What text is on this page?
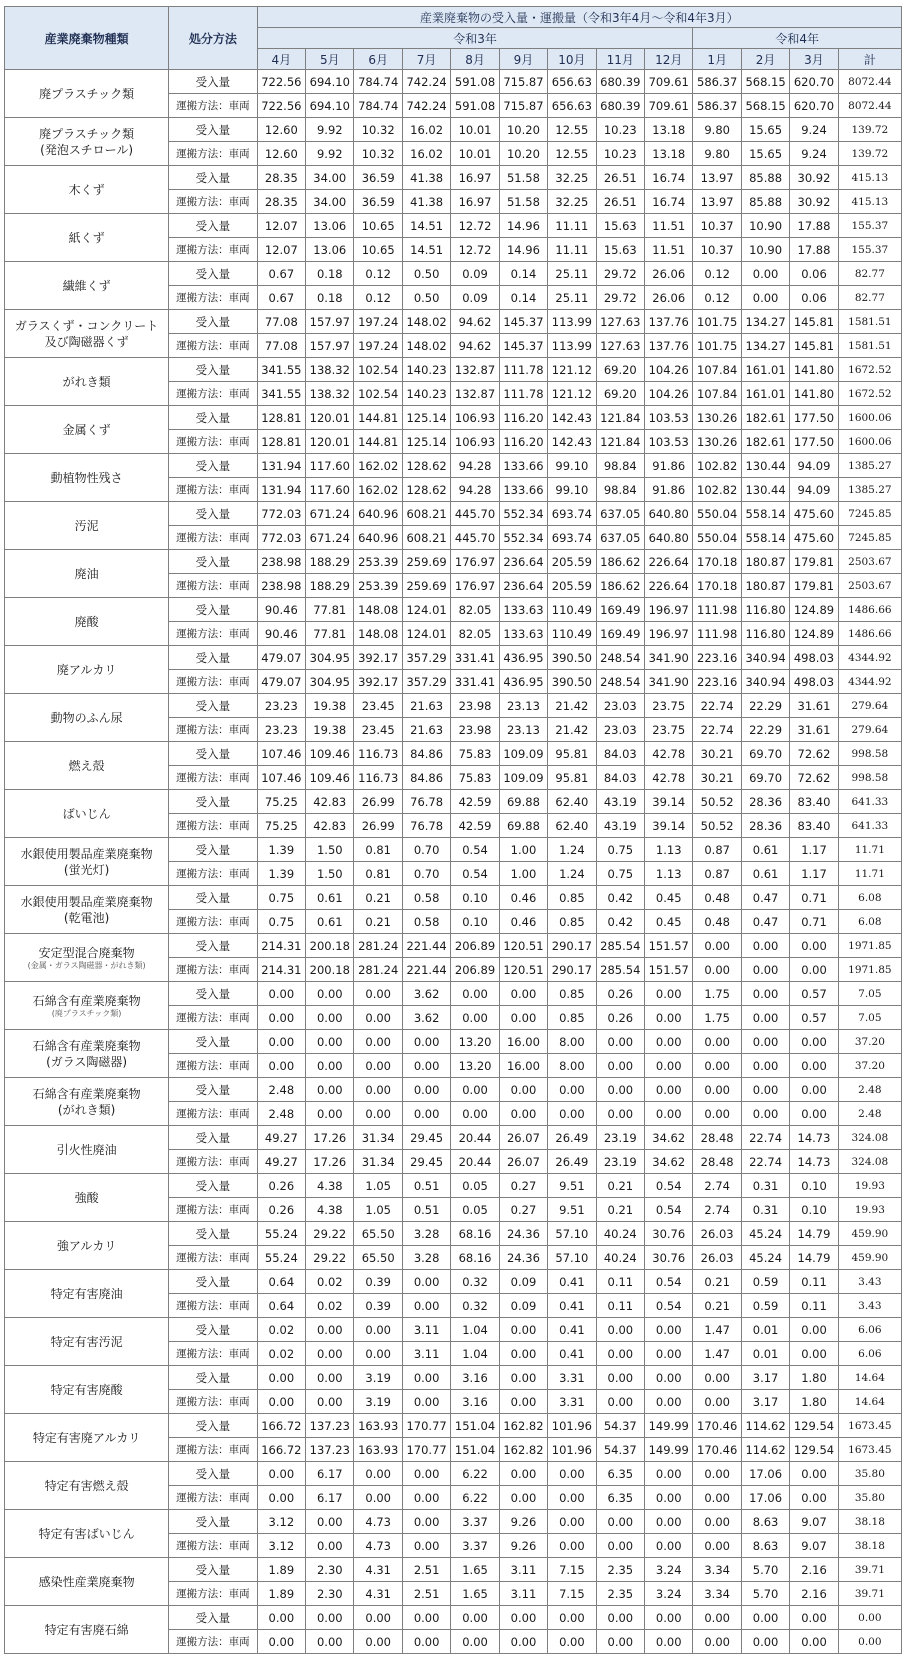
産業廃棄物種類	処分方法	産業廃棄物の受入量・運搬量（令和3年4月～令和4年3月）												
		令和3年									令和4年			
		4月	5月	6月	7月	8月	9月	10月	11月	12月	1月	2月	3月	計
廃プラスチック類	受入量	722.56	694.10	784.74	742.24	591.08	715.87	656.63	680.39	709.61	586.37	568.15	620.70	8072.44
	運搬方法：車両	722.56	694.10	784.74	742.24	591.08	715.87	656.63	680.39	709.61	586.37	568.15	620.70	8072.44
廃プラスチック類
(発泡スチロール)	受入量	12.60	9.92	10.32	16.02	10.01	10.20	12.55	10.23	13.18	9.80	15.65	9.24	139.72
	運搬方法：車両	12.60	9.92	10.32	16.02	10.01	10.20	12.55	10.23	13.18	9.80	15.65	9.24	139.72
木くず	受入量	28.35	34.00	36.59	41.38	16.97	51.58	32.25	26.51	16.74	13.97	85.88	30.92	415.13
	運搬方法：車両	28.35	34.00	36.59	41.38	16.97	51.58	32.25	26.51	16.74	13.97	85.88	30.92	415.13
紙くず	受入量	12.07	13.06	10.65	14.51	12.72	14.96	11.11	15.63	11.51	10.37	10.90	17.88	155.37
	運搬方法：車両	12.07	13.06	10.65	14.51	12.72	14.96	11.11	15.63	11.51	10.37	10.90	17.88	155.37
繊維くず	受入量	0.67	0.18	0.12	0.50	0.09	0.14	25.11	29.72	26.06	0.12	0.00	0.06	82.77
	運搬方法：車両	0.67	0.18	0.12	0.50	0.09	0.14	25.11	29.72	26.06	0.12	0.00	0.06	82.77
ガラスくず・コンクリート
及び陶磁器くず	受入量	77.08	157.97	197.24	148.02	94.62	145.37	113.99	127.63	137.76	101.75	134.27	145.81	1581.51
	運搬方法：車両	77.08	157.97	197.24	148.02	94.62	145.37	113.99	127.63	137.76	101.75	134.27	145.81	1581.51
がれき類	受入量	341.55	138.32	102.54	140.23	132.87	111.78	121.12	69.20	104.26	107.84	161.01	141.80	1672.52
	運搬方法：車両	341.55	138.32	102.54	140.23	132.87	111.78	121.12	69.20	104.26	107.84	161.01	141.80	1672.52
金属くず	受入量	128.81	120.01	144.81	125.14	106.93	116.20	142.43	121.84	103.53	130.26	182.61	177.50	1600.06
	運搬方法：車両	128.81	120.01	144.81	125.14	106.93	116.20	142.43	121.84	103.53	130.26	182.61	177.50	1600.06
動植物性残さ	受入量	131.94	117.60	162.02	128.62	94.28	133.66	99.10	98.84	91.86	102.82	130.44	94.09	1385.27
	運搬方法：車両	131.94	117.60	162.02	128.62	94.28	133.66	99.10	98.84	91.86	102.82	130.44	94.09	1385.27
汚泥	受入量	772.03	671.24	640.96	608.21	445.70	552.34	693.74	637.05	640.80	550.04	558.14	475.60	7245.85
	運搬方法：車両	772.03	671.24	640.96	608.21	445.70	552.34	693.74	637.05	640.80	550.04	558.14	475.60	7245.85
廃油	受入量	238.98	188.29	253.39	259.69	176.97	236.64	205.59	186.62	226.64	170.18	180.87	179.81	2503.67
	運搬方法：車両	238.98	188.29	253.39	259.69	176.97	236.64	205.59	186.62	226.64	170.18	180.87	179.81	2503.67
廃酸	受入量	90.46	77.81	148.08	124.01	82.05	133.63	110.49	169.49	196.97	111.98	116.80	124.89	1486.66
	運搬方法：車両	90.46	77.81	148.08	124.01	82.05	133.63	110.49	169.49	196.97	111.98	116.80	124.89	1486.66
廃アルカリ	受入量	479.07	304.95	392.17	357.29	331.41	436.95	390.50	248.54	341.90	223.16	340.94	498.03	4344.92
	運搬方法：車両	479.07	304.95	392.17	357.29	331.41	436.95	390.50	248.54	341.90	223.16	340.94	498.03	4344.92
動物のふん尿	受入量	23.23	19.38	23.45	21.63	23.98	23.13	21.42	23.03	23.75	22.74	22.29	31.61	279.64
	運搬方法：車両	23.23	19.38	23.45	21.63	23.98	23.13	21.42	23.03	23.75	22.74	22.29	31.61	279.64
燃え殻	受入量	107.46	109.46	116.73	84.86	75.83	109.09	95.81	84.03	42.78	30.21	69.70	72.62	998.58
	運搬方法：車両	107.46	109.46	116.73	84.86	75.83	109.09	95.81	84.03	42.78	30.21	69.70	72.62	998.58
ばいじん	受入量	75.25	42.83	26.99	76.78	42.59	69.88	62.40	43.19	39.14	50.52	28.36	83.40	641.33
	運搬方法：車両	75.25	42.83	26.99	76.78	42.59	69.88	62.40	43.19	39.14	50.52	28.36	83.40	641.33
水銀使用製品産業廃棄物
(蛍光灯)	受入量	1.39	1.50	0.81	0.70	0.54	1.00	1.24	0.75	1.13	0.87	0.61	1.17	11.71
	運搬方法：車両	1.39	1.50	0.81	0.70	0.54	1.00	1.24	0.75	1.13	0.87	0.61	1.17	11.71
水銀使用製品産業廃棄物
(乾電池)	受入量	0.75	0.61	0.21	0.58	0.10	0.46	0.85	0.42	0.45	0.48	0.47	0.71	6.08
	運搬方法：車両	0.75	0.61	0.21	0.58	0.10	0.46	0.85	0.42	0.45	0.48	0.47	0.71	6.08
安定型混合廃棄物
(金属・ガラス陶磁器・がれき類)	受入量	214.31	200.18	281.24	221.44	206.89	120.51	290.17	285.54	151.57	0.00	0.00	0.00	1971.85
	運搬方法：車両	214.31	200.18	281.24	221.44	206.89	120.51	290.17	285.54	151.57	0.00	0.00	0.00	1971.85
石綿含有産業廃棄物
(廃プラスチック類)	受入量	0.00	0.00	0.00	3.62	0.00	0.00	0.85	0.26	0.00	1.75	0.00	0.57	7.05
	運搬方法：車両	0.00	0.00	0.00	3.62	0.00	0.00	0.85	0.26	0.00	1.75	0.00	0.57	7.05
石綿含有産業廃棄物
(ガラス陶磁器)	受入量	0.00	0.00	0.00	0.00	13.20	16.00	8.00	0.00	0.00	0.00	0.00	0.00	37.20
	運搬方法：車両	0.00	0.00	0.00	0.00	13.20	16.00	8.00	0.00	0.00	0.00	0.00	0.00	37.20
石綿含有産業廃棄物
(がれき類)	受入量	2.48	0.00	0.00	0.00	0.00	0.00	0.00	0.00	0.00	0.00	0.00	0.00	2.48
	運搬方法：車両	2.48	0.00	0.00	0.00	0.00	0.00	0.00	0.00	0.00	0.00	0.00	0.00	2.48
引火性廃油	受入量	49.27	17.26	31.34	29.45	20.44	26.07	26.49	23.19	34.62	28.48	22.74	14.73	324.08
	運搬方法：車両	49.27	17.26	31.34	29.45	20.44	26.07	26.49	23.19	34.62	28.48	22.74	14.73	324.08
強酸	受入量	0.26	4.38	1.05	0.51	0.05	0.27	9.51	0.21	0.54	2.74	0.31	0.10	19.93
	運搬方法：車両	0.26	4.38	1.05	0.51	0.05	0.27	9.51	0.21	0.54	2.74	0.31	0.10	19.93
強アルカリ	受入量	55.24	29.22	65.50	3.28	68.16	24.36	57.10	40.24	30.76	26.03	45.24	14.79	459.90
	運搬方法：車両	55.24	29.22	65.50	3.28	68.16	24.36	57.10	40.24	30.76	26.03	45.24	14.79	459.90
特定有害廃油	受入量	0.64	0.02	0.39	0.00	0.32	0.09	0.41	0.11	0.54	0.21	0.59	0.11	3.43
	運搬方法：車両	0.64	0.02	0.39	0.00	0.32	0.09	0.41	0.11	0.54	0.21	0.59	0.11	3.43
特定有害汚泥	受入量	0.02	0.00	0.00	3.11	1.04	0.00	0.41	0.00	0.00	1.47	0.01	0.00	6.06
	運搬方法：車両	0.02	0.00	0.00	3.11	1.04	0.00	0.41	0.00	0.00	1.47	0.01	0.00	6.06
特定有害廃酸	受入量	0.00	0.00	3.19	0.00	3.16	0.00	3.31	0.00	0.00	0.00	3.17	1.80	14.64
	運搬方法：車両	0.00	0.00	3.19	0.00	3.16	0.00	3.31	0.00	0.00	0.00	3.17	1.80	14.64
特定有害廃アルカリ	受入量	166.72	137.23	163.93	170.77	151.04	162.82	101.96	54.37	149.99	170.46	114.62	129.54	1673.45
	運搬方法：車両	166.72	137.23	163.93	170.77	151.04	162.82	101.96	54.37	149.99	170.46	114.62	129.54	1673.45
特定有害燃え殻	受入量	0.00	6.17	0.00	0.00	6.22	0.00	0.00	6.35	0.00	0.00	17.06	0.00	35.80
	運搬方法：車両	0.00	6.17	0.00	0.00	6.22	0.00	0.00	6.35	0.00	0.00	17.06	0.00	35.80
特定有害ばいじん	受入量	3.12	0.00	4.73	0.00	3.37	9.26	0.00	0.00	0.00	0.00	8.63	9.07	38.18
	運搬方法：車両	3.12	0.00	4.73	0.00	3.37	9.26	0.00	0.00	0.00	0.00	8.63	9.07	38.18
感染性産業廃棄物	受入量	1.89	2.30	4.31	2.51	1.65	3.11	7.15	2.35	3.24	3.34	5.70	2.16	39.71
	運搬方法：車両	1.89	2.30	4.31	2.51	1.65	3.11	7.15	2.35	3.24	3.34	5.70	2.16	39.71
特定有害廃石綿	受入量	0.00	0.00	0.00	0.00	0.00	0.00	0.00	0.00	0.00	0.00	0.00	0.00	0.00
	運搬方法：車両	0.00	0.00	0.00	0.00	0.00	0.00	0.00	0.00	0.00	0.00	0.00	0.00	0.00
